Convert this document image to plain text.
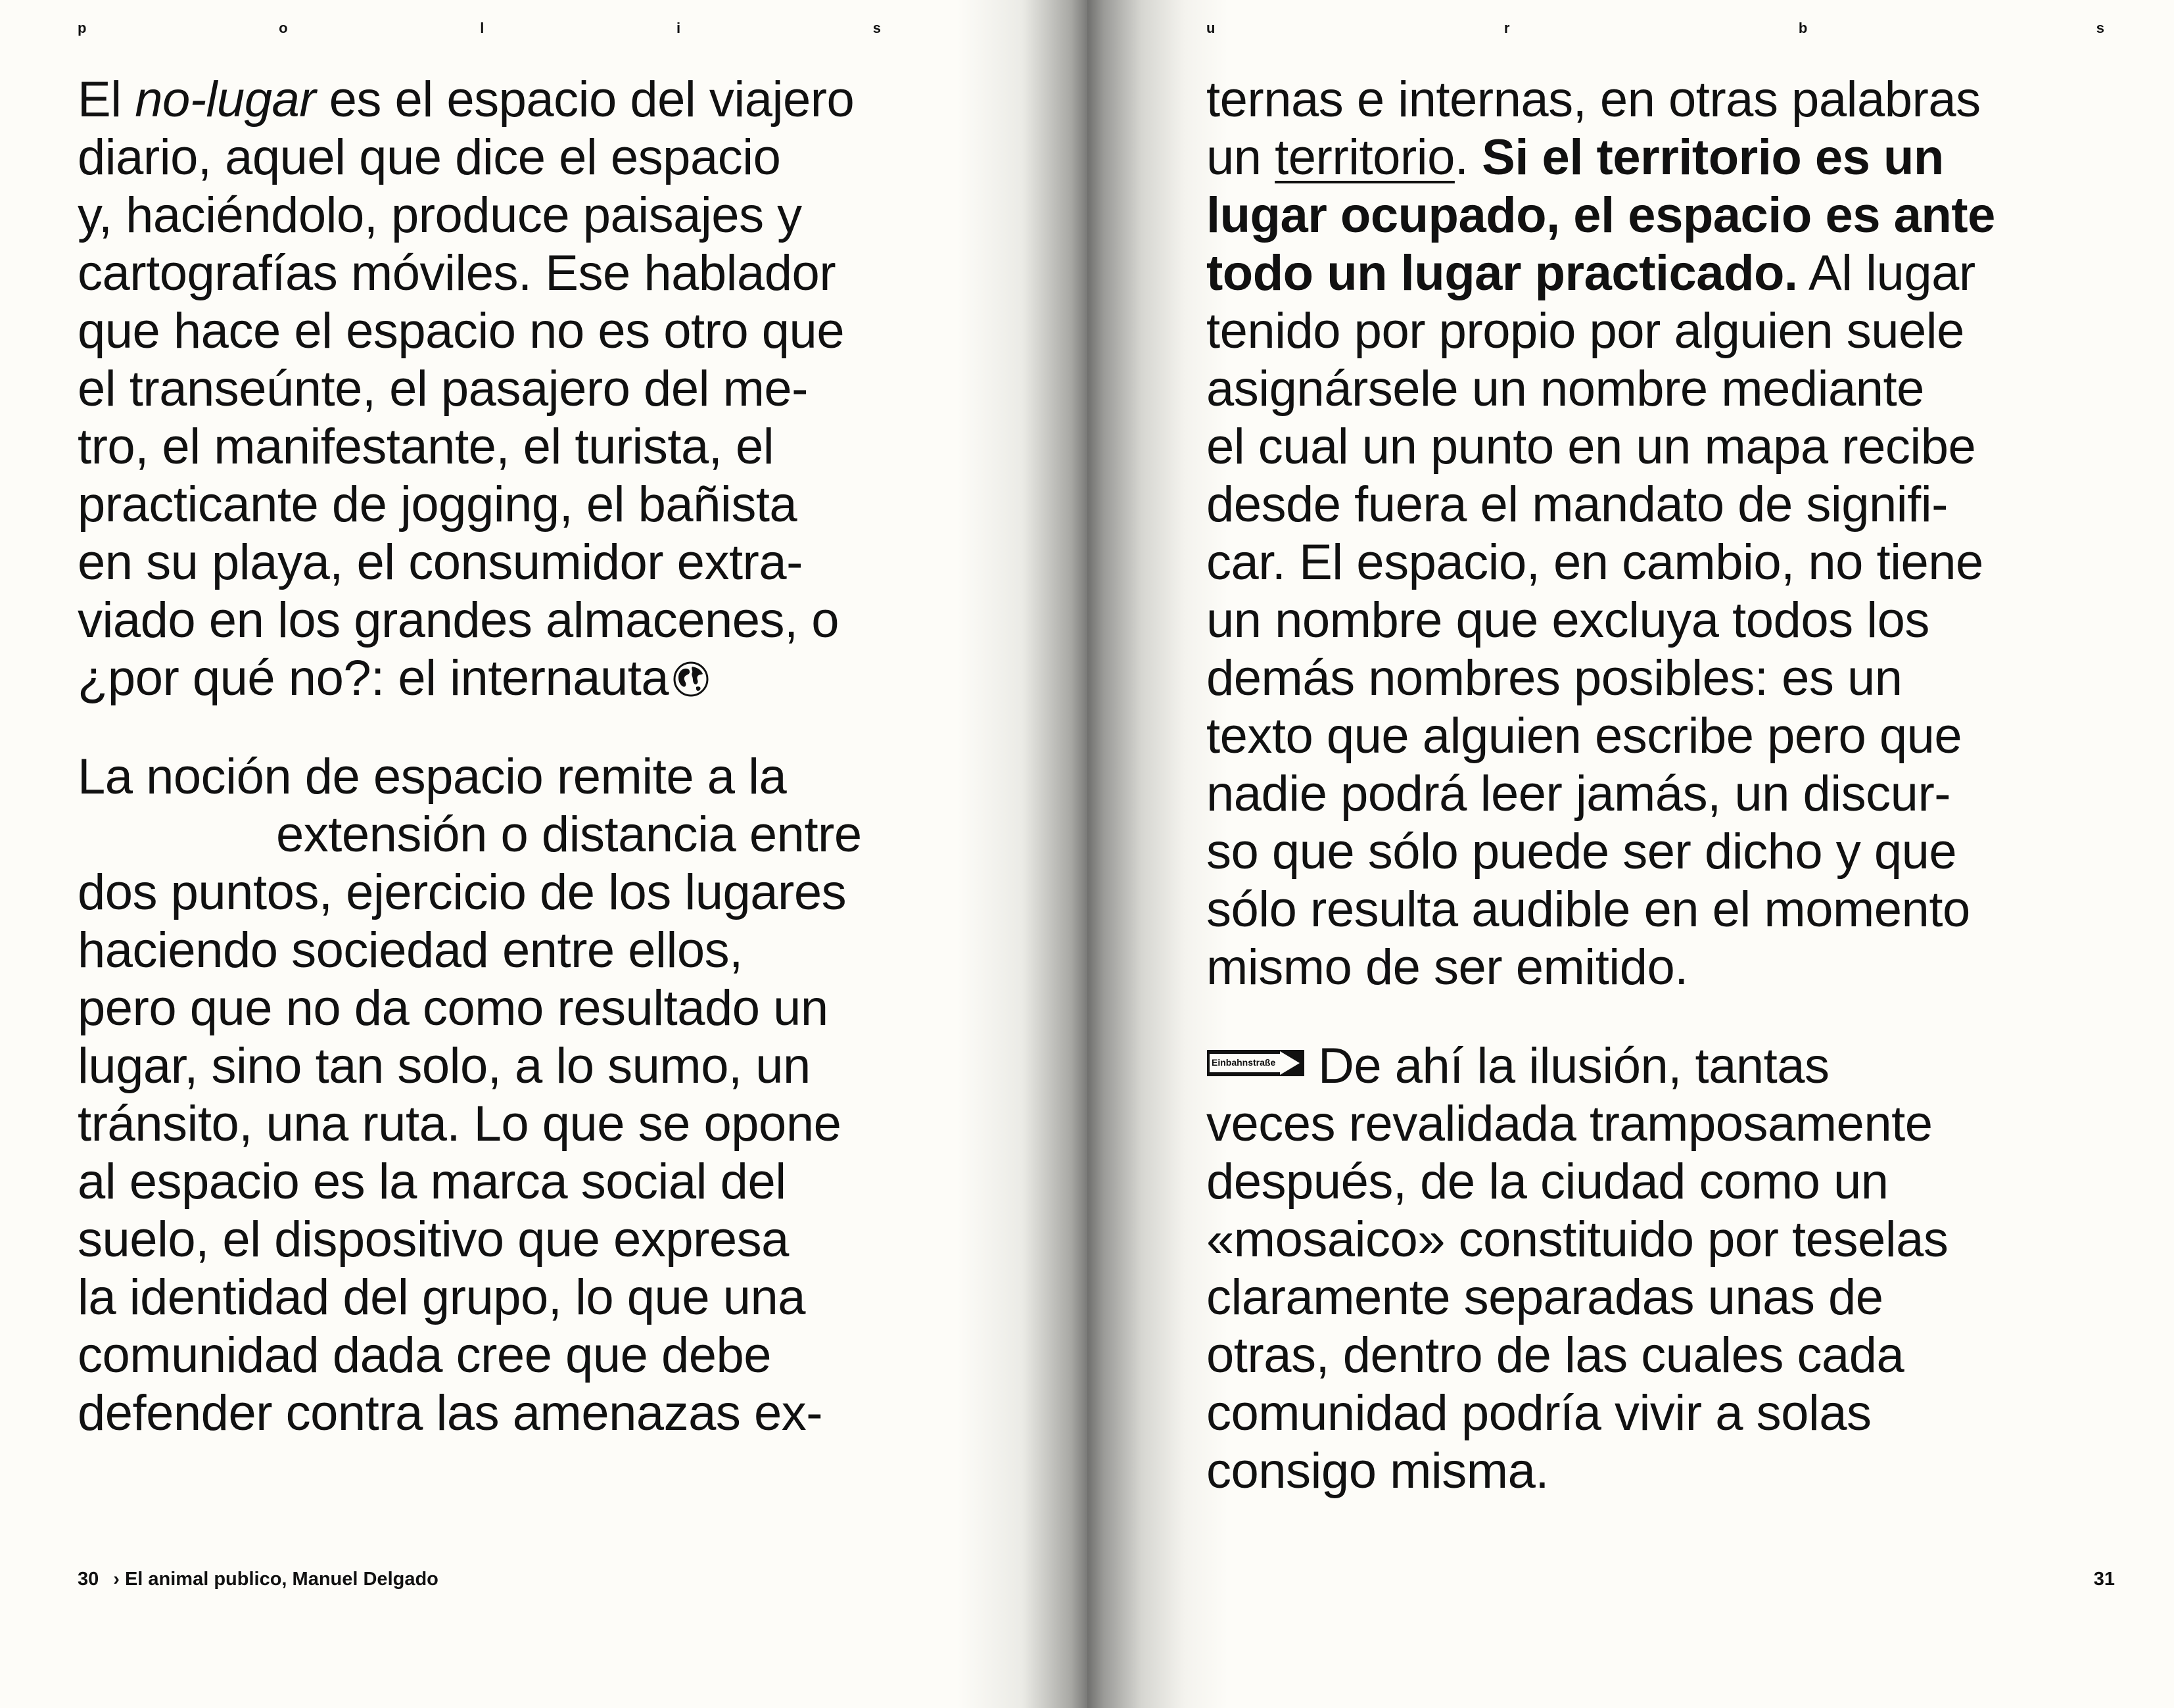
p	o	l	i	s

El no-lugar es el espacio del viajero
diario, aquel que dice el espacio
y, haciéndolo, produce paisajes y
cartografías móviles. Ese hablador
que hace el espacio no es otro que
el transeúnte, el pasajero del me-
tro, el manifestante, el turista, el
practicante de jogging, el bañista
en su playa, el consumidor extra-
viado en los grandes almacenes, o
¿por qué no?: el internauta

La noción de espacio remite a la
extensión o distancia entre
dos puntos, ejercicio de los lugares
haciendo sociedad entre ellos,
pero que no da como resultado un
lugar, sino tan solo, a lo sumo, un
tránsito, una ruta. Lo que se opone
al espacio es la marca social del
suelo, el dispositivo que expresa
la identidad del grupo, lo que una
comunidad dada cree que debe
defender contra las amenazas ex-

30 › El animal publico, Manuel Delgado
u	r	b	s

ternas e internas, en otras palabras
un territorio. Si el territorio es un
lugar ocupado, el espacio es ante
todo un lugar practicado. Al lugar
tenido por propio por alguien suele
asignársele un nombre mediante
el cual un punto en un mapa recibe
desde fuera el mandato de signifi-
car. El espacio, en cambio, no tiene
un nombre que excluya todos los
demás nombres posibles: es un
texto que alguien escribe pero que
nadie podrá leer jamás, un discur-
so que sólo puede ser dicho y que
sólo resulta audible en el momento
mismo de ser emitido.

Einbahnstraße De ahí la ilusión, tantas
veces revalidada tramposamente
después, de la ciudad como un
«mosaico» constituido por teselas
claramente separadas unas de
otras, dentro de las cuales cada
comunidad podría vivir a solas
consigo misma.

31
